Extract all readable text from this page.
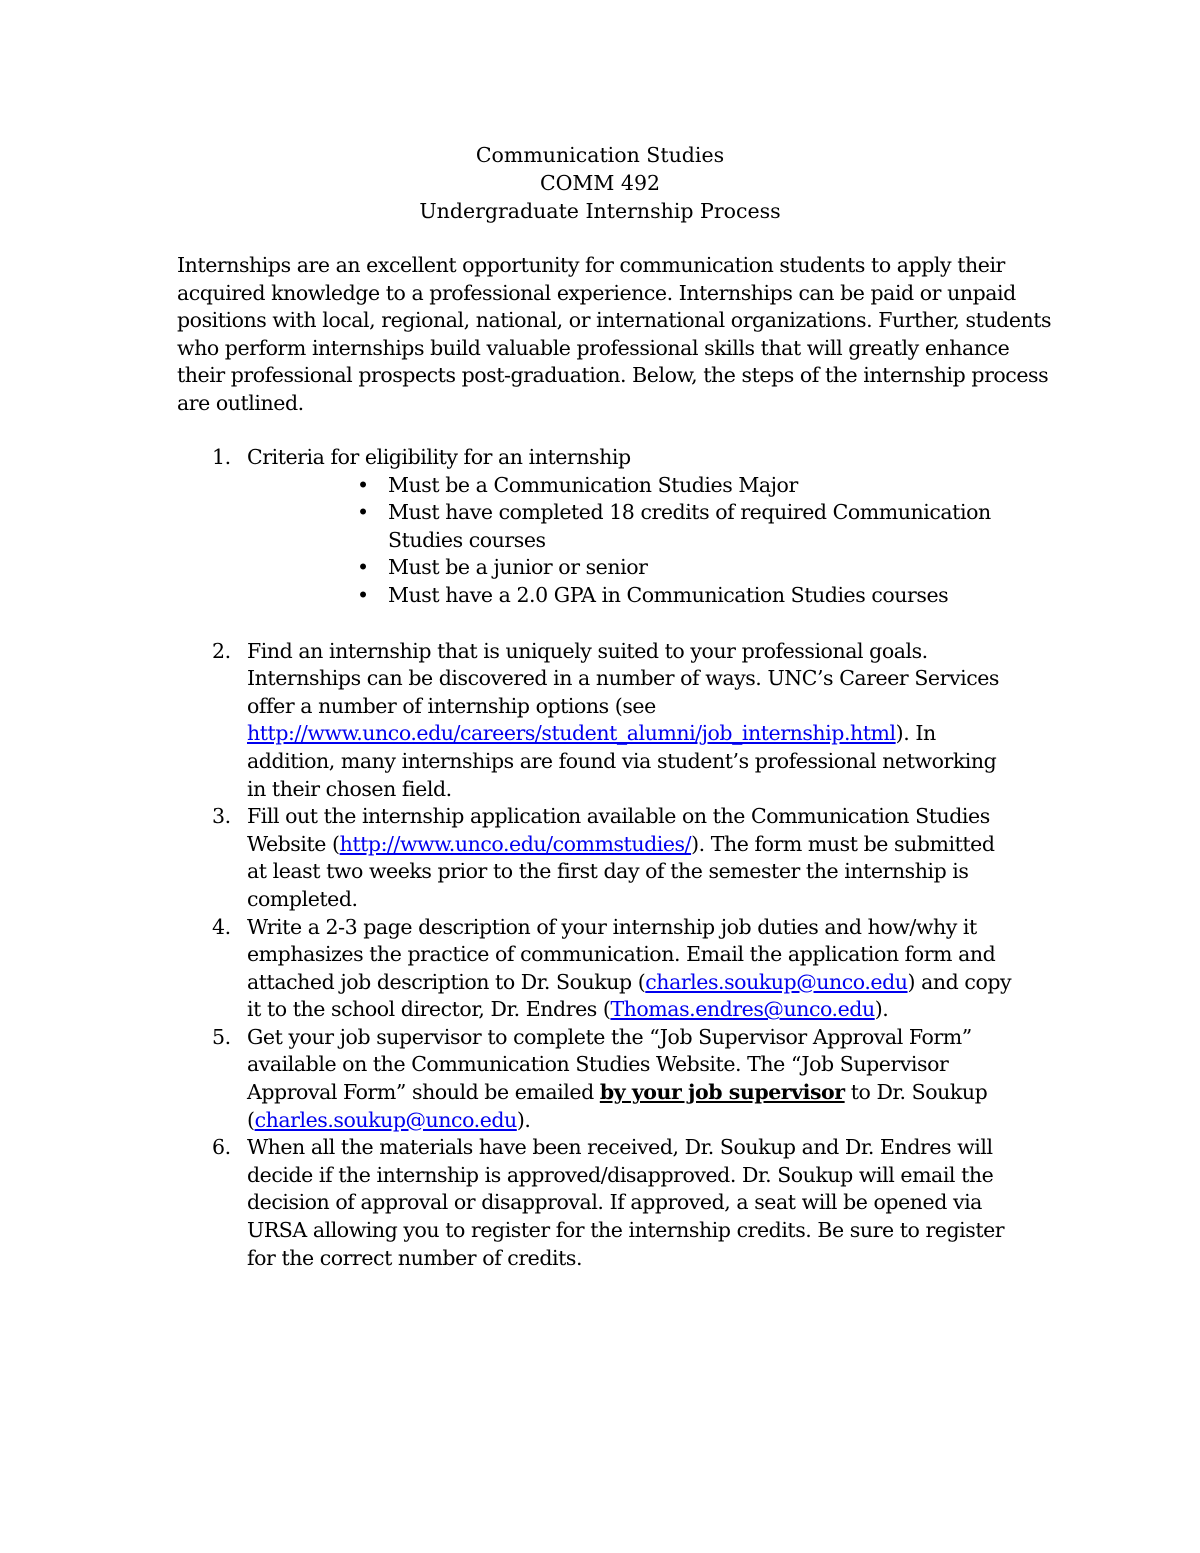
Communication Studies
COMM 492
Undergraduate Internship Process

Internships are an excellent opportunity for communication students to apply their acquired knowledge to a professional experience. Internships can be paid or unpaid positions with local, regional, national, or international organizations. Further, students who perform internships build valuable professional skills that will greatly enhance their professional prospects post-graduation. Below, the steps of the internship process are outlined.

1. Criteria for eligibility for an internship
• Must be a Communication Studies Major
• Must have completed 18 credits of required Communication Studies courses
• Must be a junior or senior
• Must have a 2.0 GPA in Communication Studies courses
2. Find an internship that is uniquely suited to your professional goals. Internships can be discovered in a number of ways. UNC’s Career Services offer a number of internship options (see http://www.unco.edu/careers/student_alumni/job_internship.html). In addition, many internships are found via student’s professional networking in their chosen field.
3. Fill out the internship application available on the Communication Studies Website (http://www.unco.edu/commstudies/). The form must be submitted at least two weeks prior to the first day of the semester the internship is completed.
4. Write a 2-3 page description of your internship job duties and how/why it emphasizes the practice of communication. Email the application form and attached job description to Dr. Soukup (charles.soukup@unco.edu) and copy it to the school director, Dr. Endres (Thomas.endres@unco.edu).
5. Get your job supervisor to complete the “Job Supervisor Approval Form” available on the Communication Studies Website. The “Job Supervisor Approval Form” should be emailed by your job supervisor to Dr. Soukup (charles.soukup@unco.edu).
6. When all the materials have been received, Dr. Soukup and Dr. Endres will decide if the internship is approved/disapproved. Dr. Soukup will email the decision of approval or disapproval. If approved, a seat will be opened via URSA allowing you to register for the internship credits. Be sure to register for the correct number of credits.
